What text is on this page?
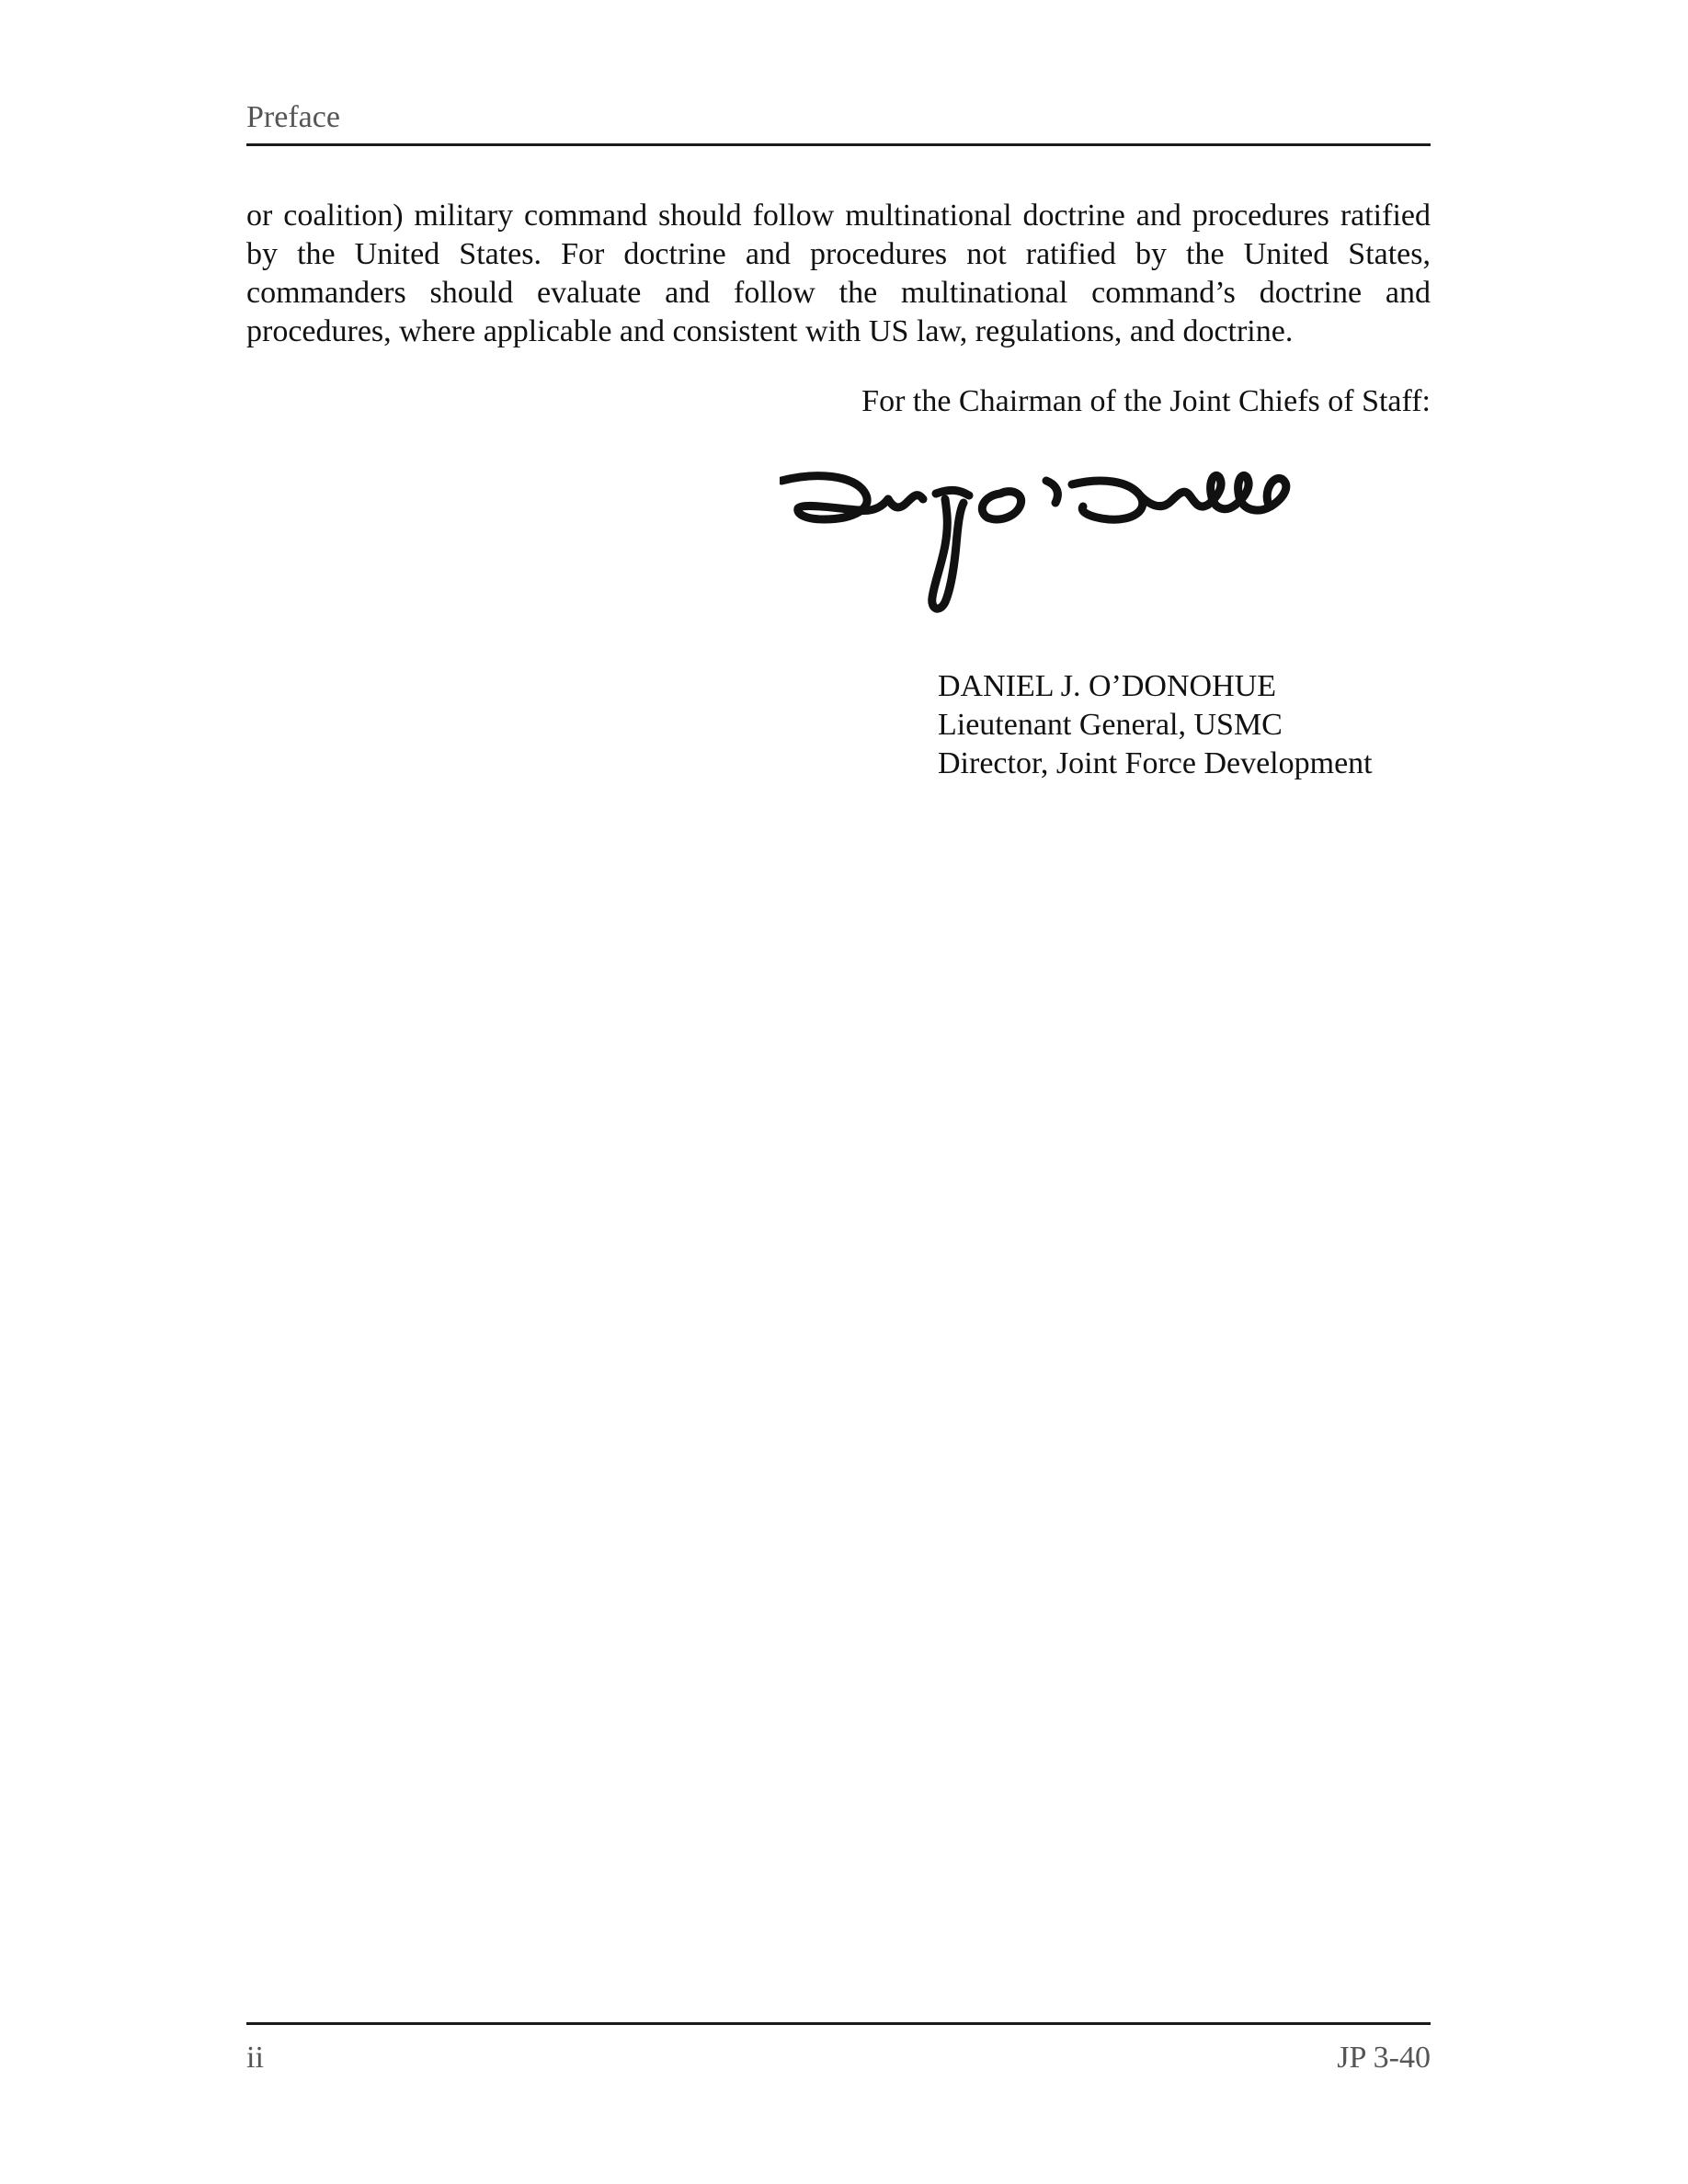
Preface

or coalition) military command should follow multinational doctrine and procedures ratified by the United States. For doctrine and procedures not ratified by the United States, commanders should evaluate and follow the multinational command’s doctrine and procedures, where applicable and consistent with US law, regulations, and doctrine.

For the Chairman of the Joint Chiefs of Staff:
DANIEL J. O’DONOHUE
Lieutenant General, USMC
Director, Joint Force Development
ii	JP 3-40
